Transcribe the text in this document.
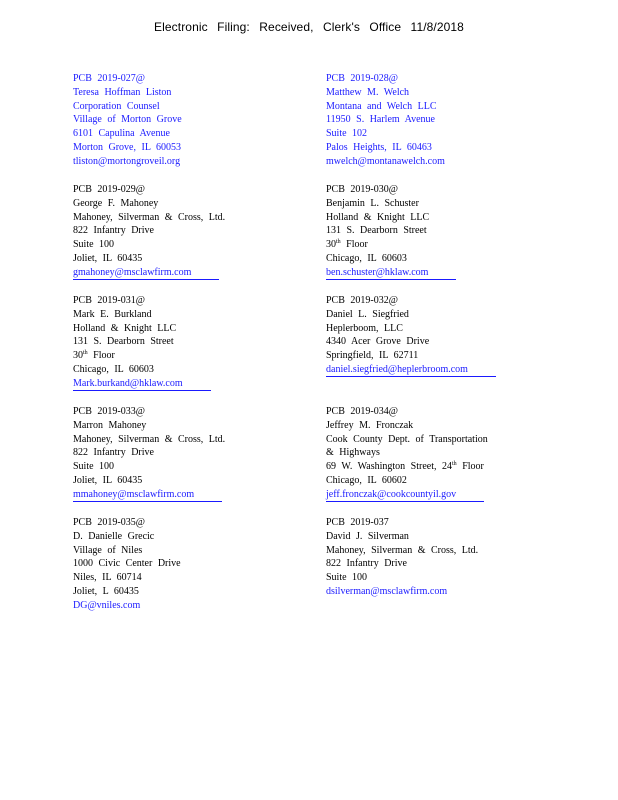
Electronic Filing: Received, Clerk's Office 11/8/2018
PCB 2019-027@
Teresa Hoffman Liston
Corporation Counsel
Village of Morton Grove
6101 Capulina Avenue
Morton Grove, IL 60053
tliston@mortongroveil.org
PCB 2019-029@
George F. Mahoney
Mahoney, Silverman & Cross, Ltd.
822 Infantry Drive
Suite 100
Joliet, IL 60435
gmahoney@msclawfirm.com
PCB 2019-031@
Mark E. Burkland
Holland & Knight LLC
131 S. Dearborn Street
30th Floor
Chicago, IL 60603
Mark.burkand@hklaw.com
PCB 2019-033@
Marron Mahoney
Mahoney, Silverman & Cross, Ltd.
822 Infantry Drive
Suite 100
Joliet, IL 60435
mmahoney@msclawfirm.com
PCB 2019-035@
D. Danielle Grecic
Village of Niles
1000 Civic Center Drive
Niles, IL 60714
Joliet, L 60435
DG@vniles.com
PCB 2019-028@
Matthew M. Welch
Montana and Welch LLC
11950 S. Harlem Avenue
Suite 102
Palos Heights, IL 60463
mwelch@montanawelch.com
PCB 2019-030@
Benjamin L. Schuster
Holland & Knight LLC
131 S. Dearborn Street
30th Floor
Chicago, IL 60603
ben.schuster@hklaw.com
PCB 2019-032@
Daniel L. Siegfried
Heplerboom, LLC
4340 Acer Grove Drive
Springfield, IL 62711
daniel.siegfried@heplerbroom.com
PCB 2019-034@
Jeffrey M. Fronczak
Cook County Dept. of Transportation
& Highways
69 W. Washington Street, 24th Floor
Chicago, IL 60602
jeff.fronczak@cookcountyil.gov
PCB 2019-037
David J. Silverman
Mahoney, Silverman & Cross, Ltd.
822 Infantry Drive
Suite 100
dsilverman@msclawfirm.com
